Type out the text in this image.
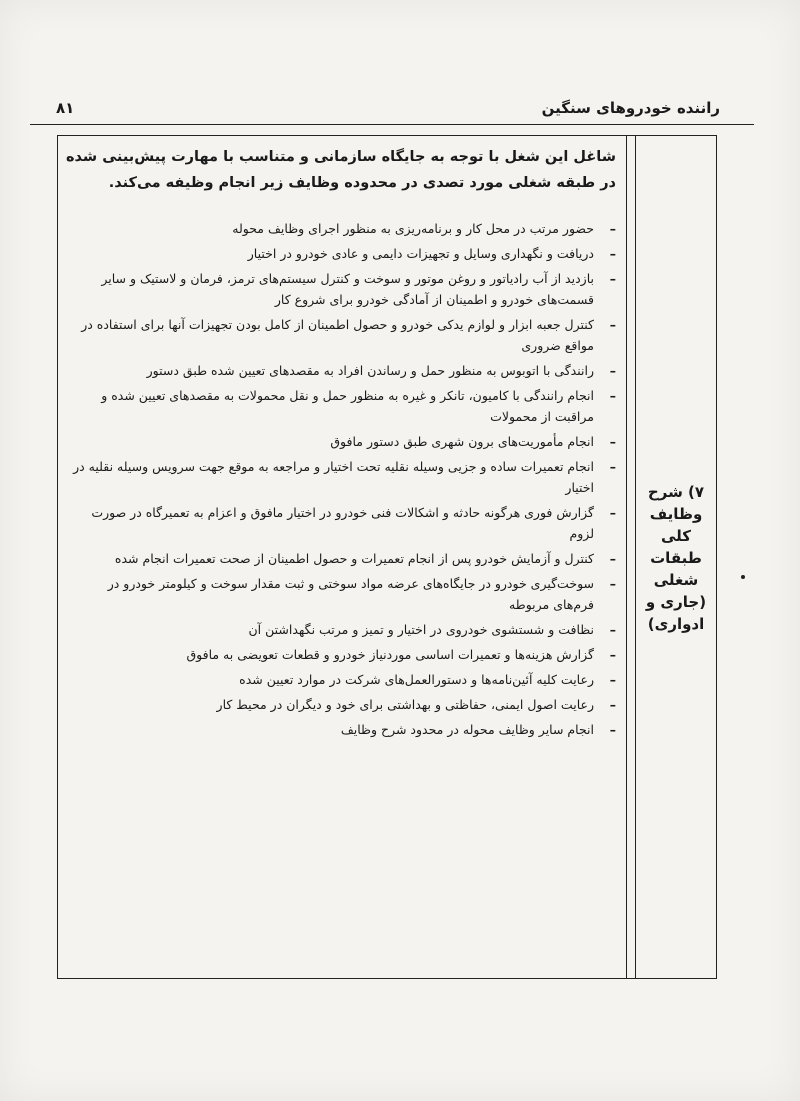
راننده خودروهای سنگین
۸۱
۷) شرح
وظایف
کلی
طبقات
شغلی
(جاری و
ادواری)

شاغل این شغل با توجه به جایگاه سازمانی و متناسب با مهارت پیش‌بینی شده در طبقه شغلی مورد تصدی در محدوده وظایف زیر انجام وظیفه می‌کند.

–
حضور مرتب در محل کار و برنامه‌ریزی به منظور اجرای وظایف محوله
–
دریافت و نگهداری وسایل و تجهیزات دایمی و عادی خودرو در اختیار
–
بازدید از آب رادیاتور و روغن موتور و سوخت و کنترل سیستم‌های ترمز، فرمان و لاستیک و سایر قسمت‌های خودرو و اطمینان از آمادگی خودرو برای شروع کار
–
کنترل جعبه ابزار و لوازم یدکی خودرو و حصول اطمینان از کامل بودن تجهیزات آنها برای استفاده در مواقع ضروری
–
رانندگی با اتوبوس به منظور حمل و رساندن افراد به مقصدهای تعیین شده طبق دستور
–
انجام رانندگی با کامیون، تانکر و غیره به منظور حمل و نقل محمولات به مقصدهای تعیین شده و مراقبت از محمولات
–
انجام مأموریت‌های برون شهری طبق دستور مافوق
–
انجام تعمیرات ساده و جزیی وسیله نقلیه تحت اختیار و مراجعه به موقع جهت سرویس وسیله نقلیه در اختیار
–
گزارش فوری هرگونه حادثه و اشکالات فنی خودرو در اختیار مافوق و اعزام به تعمیرگاه در صورت لزوم
–
کنترل و آزمایش خودرو پس از انجام تعمیرات و حصول اطمینان از صحت تعمیرات انجام شده
–
سوخت‌گیری خودرو در جایگاه‌های عرضه مواد سوختی و ثبت مقدار سوخت و کیلومتر خودرو در فرم‌های مربوطه
–
نظافت و شستشوی خودروی در اختیار و تمیز و مرتب نگهداشتن آن
–
گزارش هزینه‌ها و تعمیرات اساسی موردنیاز خودرو و قطعات تعویضی به مافوق
–
رعایت کلیه آئین‌نامه‌ها و دستورالعمل‌های شرکت در موارد تعیین شده
–
رعایت اصول ایمنی، حفاظتی و بهداشتی برای خود و دیگران در محیط کار
–
انجام سایر وظایف محوله در محدود شرح وظایف
